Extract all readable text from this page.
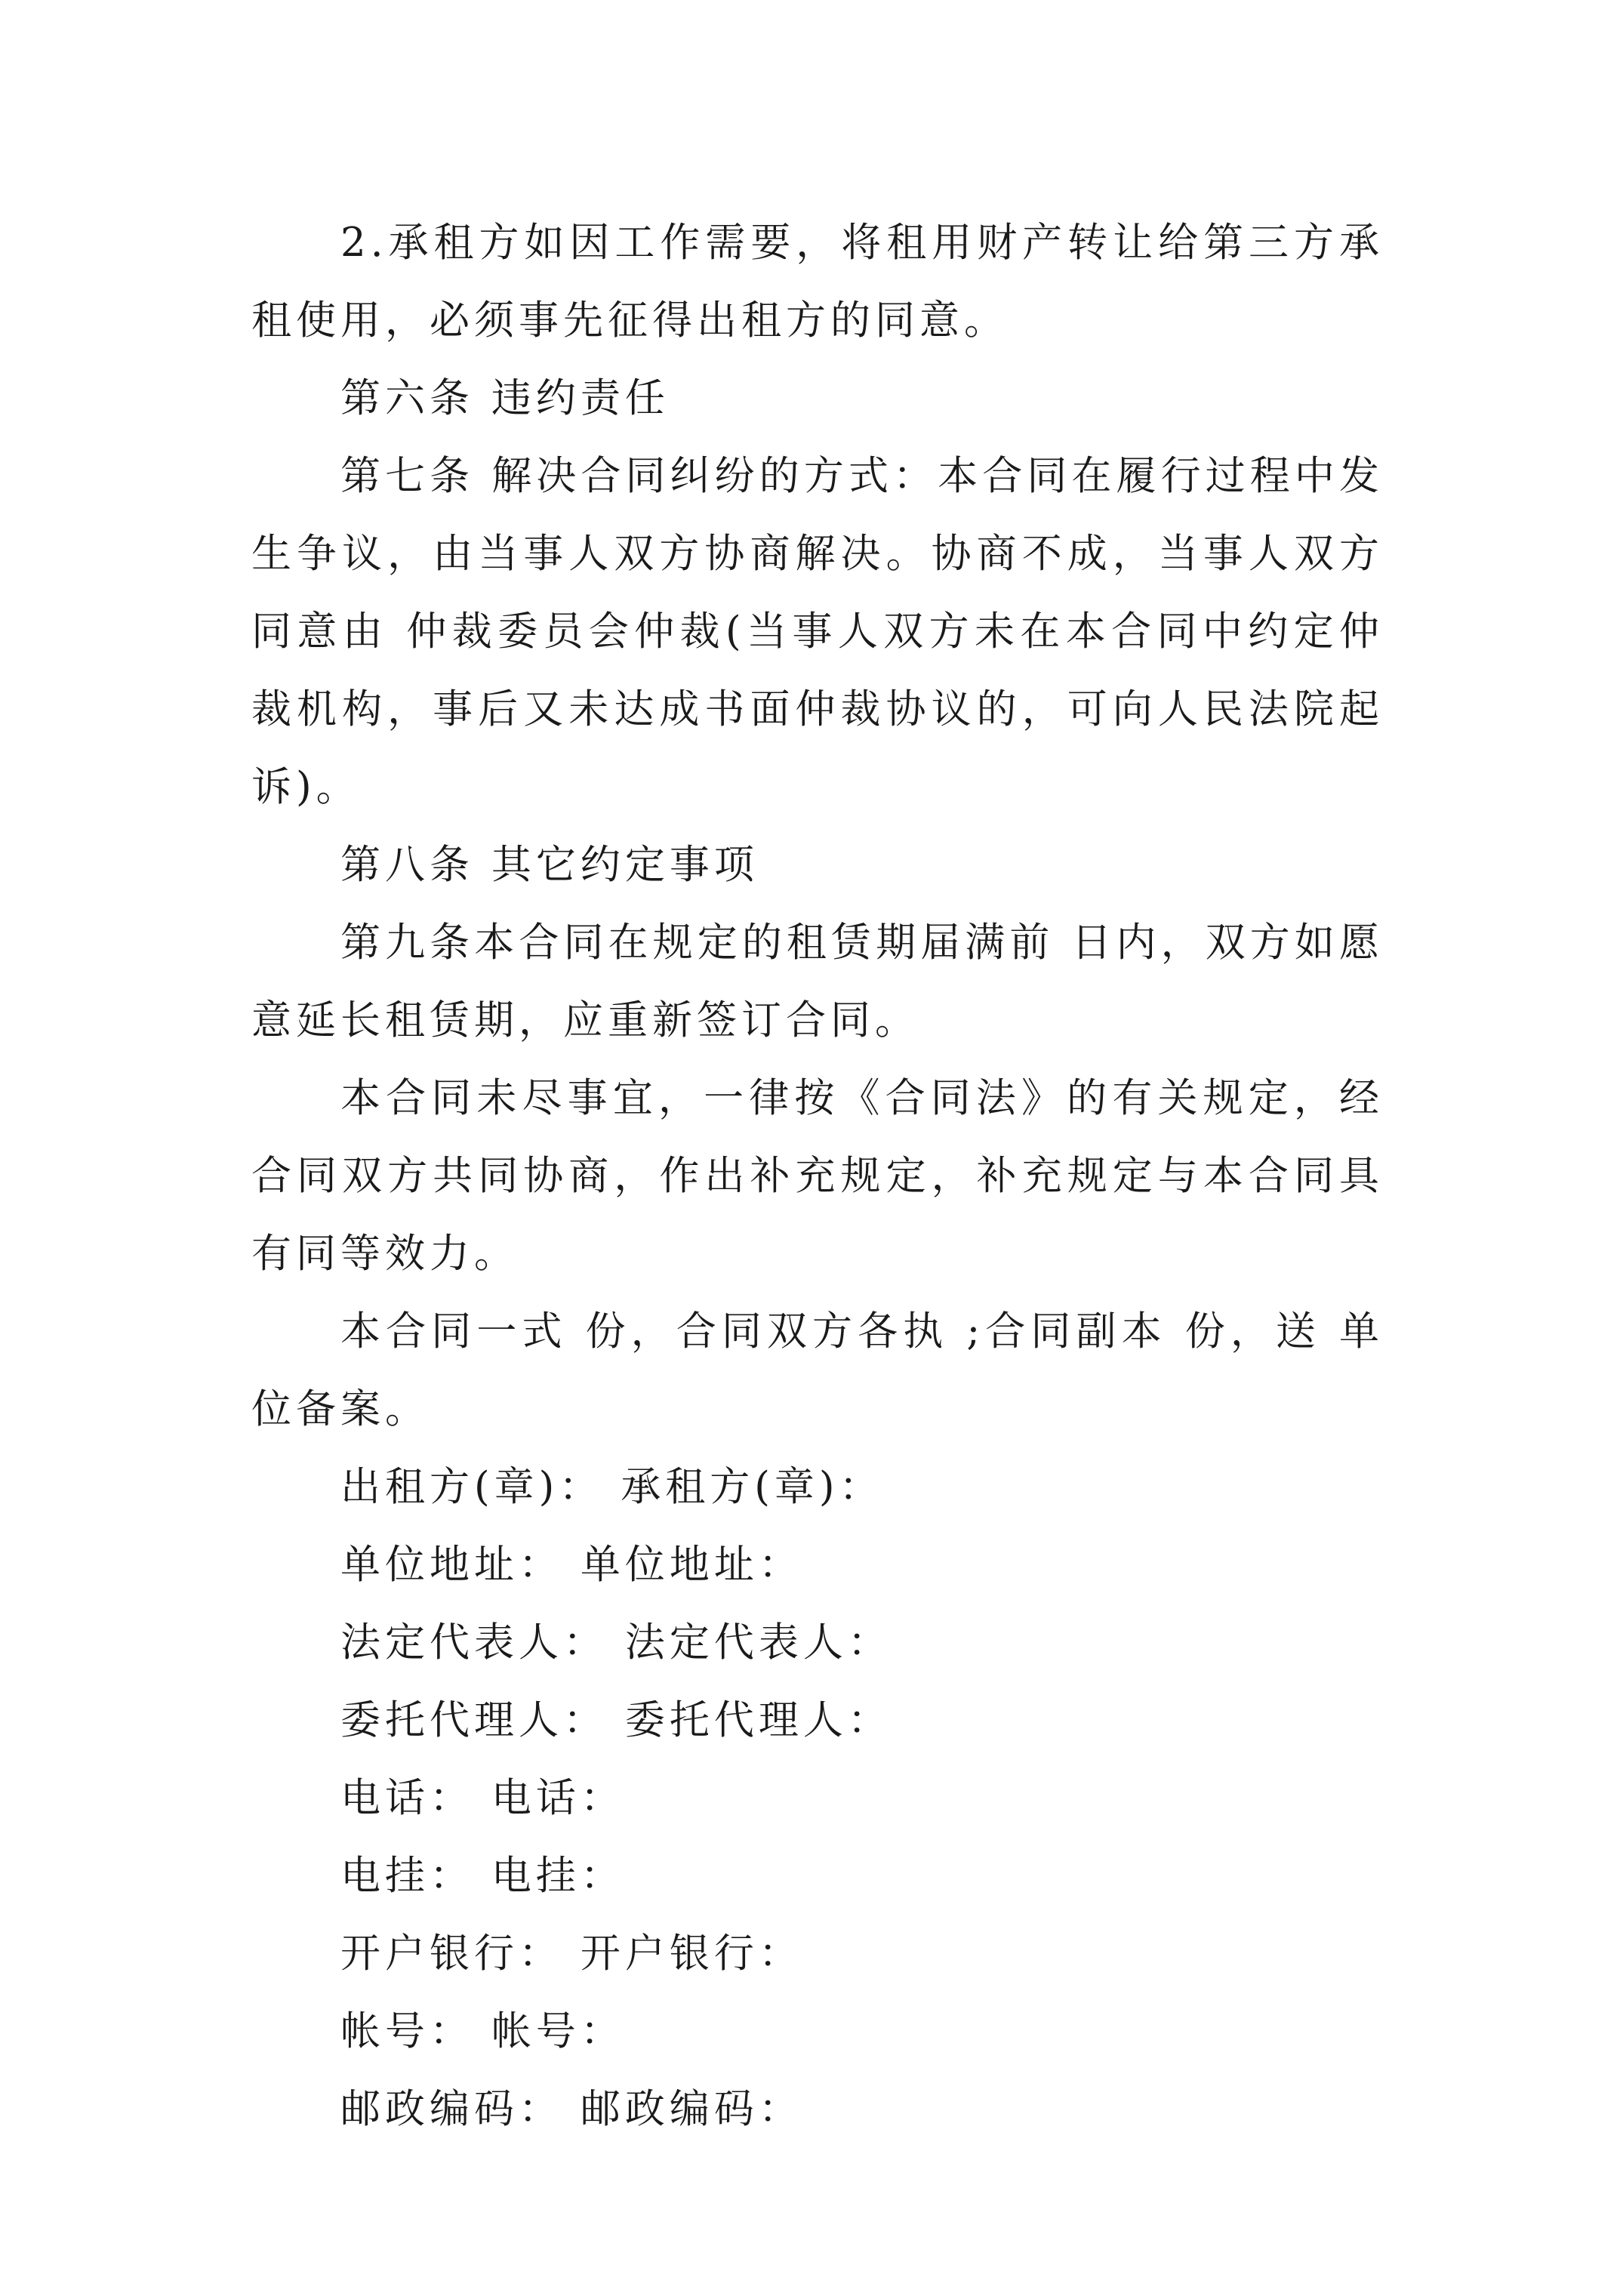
2.承租方如因工作需要，将租用财产转让给第三方承租使用，必须事先征得出租方的同意。

第六条 违约责任

第七条 解决合同纠纷的方式：本合同在履行过程中发生争议，由当事人双方协商解决。协商不成，当事人双方同意由 仲裁委员会仲裁(当事人双方未在本合同中约定仲裁机构，事后又未达成书面仲裁协议的，可向人民法院起诉)。

第八条 其它约定事项

第九条本合同在规定的租赁期届满前 日内，双方如愿意延长租赁期，应重新签订合同。

本合同未尽事宜，一律按《合同法》的有关规定，经合同双方共同协商，作出补充规定，补充规定与本合同具有同等效力。

本合同一式 份，合同双方各执 ;合同副本 份，送 单位备案。

出租方(章)： 承租方(章)：

单位地址： 单位地址：

法定代表人： 法定代表人：

委托代理人： 委托代理人：

电话： 电话：

电挂： 电挂：

开户银行： 开户银行：

帐号： 帐号：

邮政编码： 邮政编码：
